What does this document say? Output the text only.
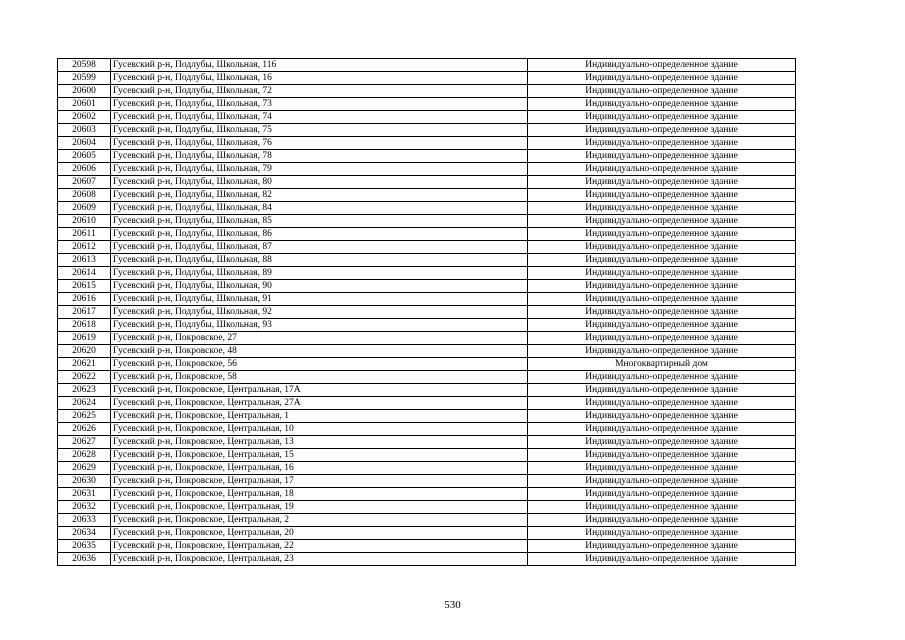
20598	Гусевский р-н, Подлубы, Школьная, 116	Индивидуально-определенное здание
20599	Гусевский р-н, Подлубы, Школьная, 16	Индивидуально-определенное здание
20600	Гусевский р-н, Подлубы, Школьная, 72	Индивидуально-определенное здание
20601	Гусевский р-н, Подлубы, Школьная, 73	Индивидуально-определенное здание
20602	Гусевский р-н, Подлубы, Школьная, 74	Индивидуально-определенное здание
20603	Гусевский р-н, Подлубы, Школьная, 75	Индивидуально-определенное здание
20604	Гусевский р-н, Подлубы, Школьная, 76	Индивидуально-определенное здание
20605	Гусевский р-н, Подлубы, Школьная, 78	Индивидуально-определенное здание
20606	Гусевский р-н, Подлубы, Школьная, 79	Индивидуально-определенное здание
20607	Гусевский р-н, Подлубы, Школьная, 80	Индивидуально-определенное здание
20608	Гусевский р-н, Подлубы, Школьная, 82	Индивидуально-определенное здание
20609	Гусевский р-н, Подлубы, Школьная, 84	Индивидуально-определенное здание
20610	Гусевский р-н, Подлубы, Школьная, 85	Индивидуально-определенное здание
20611	Гусевский р-н, Подлубы, Школьная, 86	Индивидуально-определенное здание
20612	Гусевский р-н, Подлубы, Школьная, 87	Индивидуально-определенное здание
20613	Гусевский р-н, Подлубы, Школьная, 88	Индивидуально-определенное здание
20614	Гусевский р-н, Подлубы, Школьная, 89	Индивидуально-определенное здание
20615	Гусевский р-н, Подлубы, Школьная, 90	Индивидуально-определенное здание
20616	Гусевский р-н, Подлубы, Школьная, 91	Индивидуально-определенное здание
20617	Гусевский р-н, Подлубы, Школьная, 92	Индивидуально-определенное здание
20618	Гусевский р-н, Подлубы, Школьная, 93	Индивидуально-определенное здание
20619	Гусевский р-н, Покровское, 27	Индивидуально-определенное здание
20620	Гусевский р-н, Покровское, 48	Индивидуально-определенное здание
20621	Гусевский р-н, Покровское, 56	Многоквартирный дом
20622	Гусевский р-н, Покровское, 58	Индивидуально-определенное здание
20623	Гусевский р-н, Покровское, Центральная, 17А	Индивидуально-определенное здание
20624	Гусевский р-н, Покровское, Центральная, 27А	Индивидуально-определенное здание
20625	Гусевский р-н, Покровское, Центральная, 1	Индивидуально-определенное здание
20626	Гусевский р-н, Покровское, Центральная, 10	Индивидуально-определенное здание
20627	Гусевский р-н, Покровское, Центральная, 13	Индивидуально-определенное здание
20628	Гусевский р-н, Покровское, Центральная, 15	Индивидуально-определенное здание
20629	Гусевский р-н, Покровское, Центральная, 16	Индивидуально-определенное здание
20630	Гусевский р-н, Покровское, Центральная, 17	Индивидуально-определенное здание
20631	Гусевский р-н, Покровское, Центральная, 18	Индивидуально-определенное здание
20632	Гусевский р-н, Покровское, Центральная, 19	Индивидуально-определенное здание
20633	Гусевский р-н, Покровское, Центральная, 2	Индивидуально-определенное здание
20634	Гусевский р-н, Покровское, Центральная, 20	Индивидуально-определенное здание
20635	Гусевский р-н, Покровское, Центральная, 22	Индивидуально-определенное здание
20636	Гусевский р-н, Покровское, Центральная, 23	Индивидуально-определенное здание
530
